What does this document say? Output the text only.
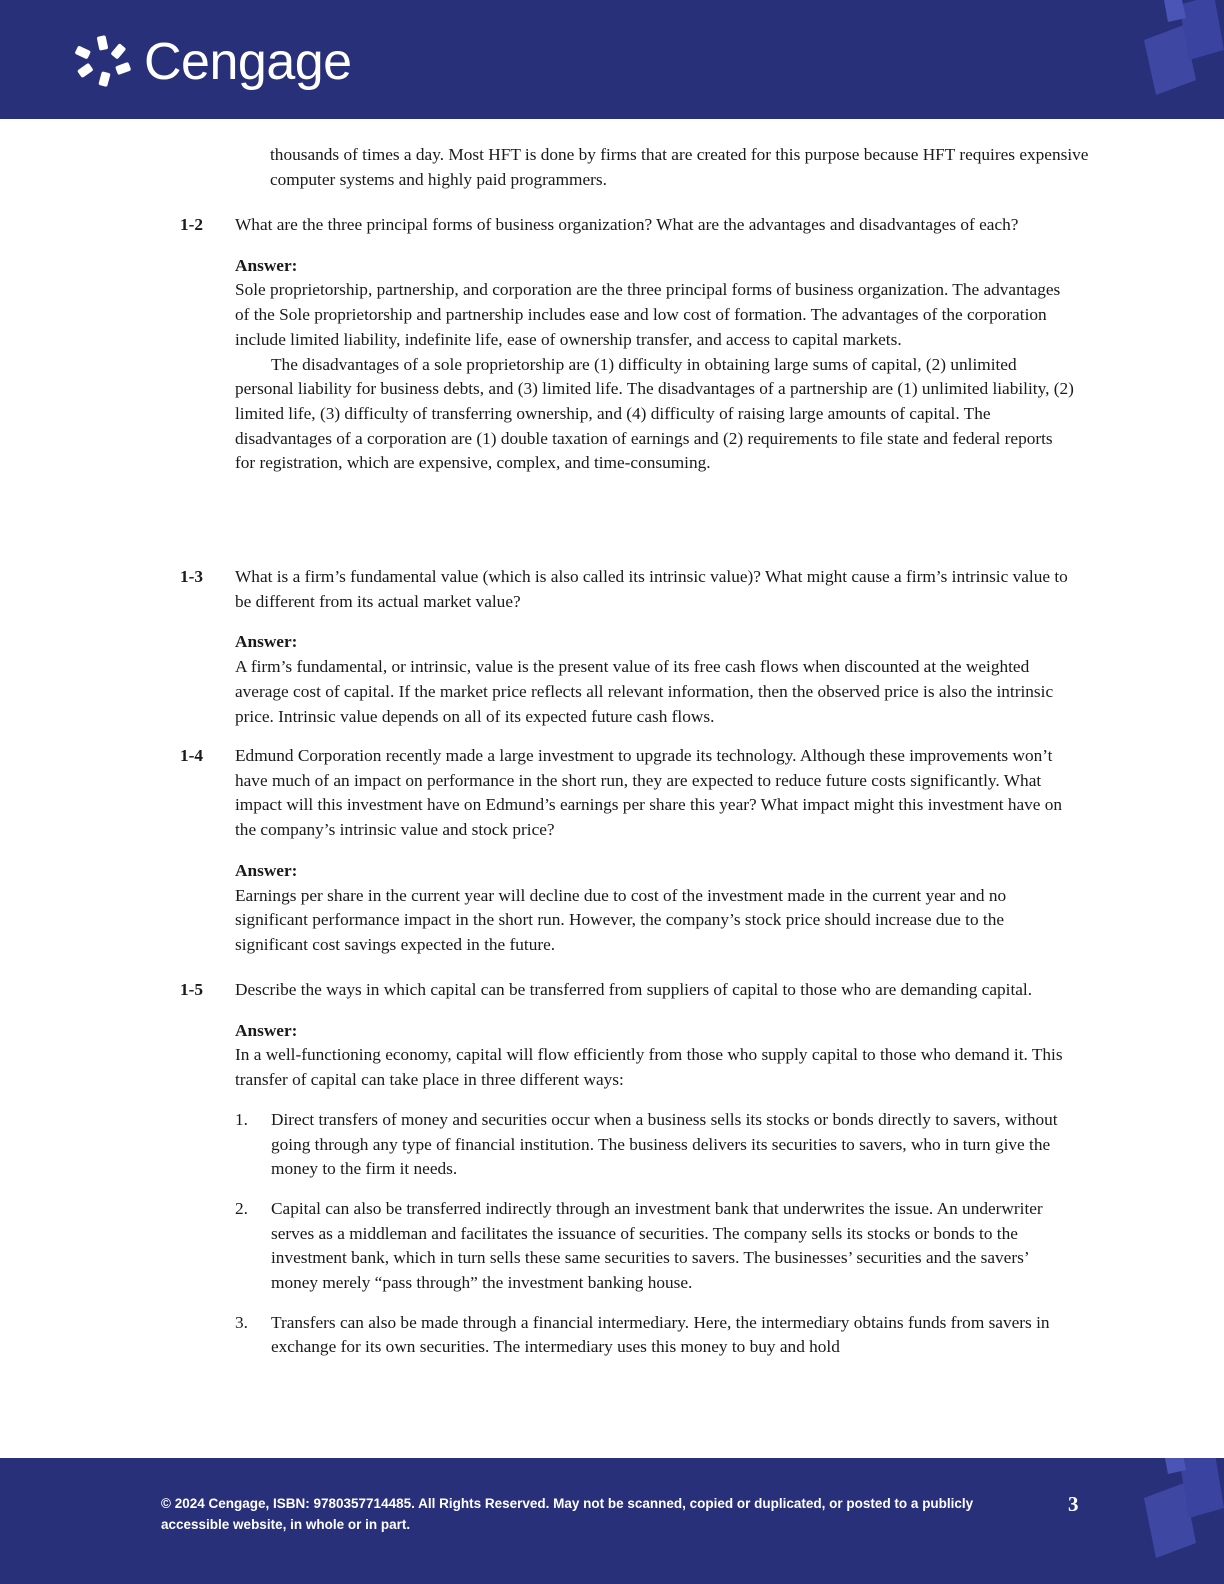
Cengage

thousands of times a day. Most HFT is done by firms that are created for this purpose because HFT requires expensive computer systems and highly paid programmers.

1-2 What are the three principal forms of business organization? What are the advantages and disadvantages of each?

Answer:

Sole proprietorship, partnership, and corporation are the three principal forms of business organization. The advantages of the Sole proprietorship and partnership includes ease and low cost of formation. The advantages of the corporation include limited liability, indefinite life, ease of ownership transfer, and access to capital markets.

The disadvantages of a sole proprietorship are (1) difficulty in obtaining large sums of capital, (2) unlimited personal liability for business debts, and (3) limited life. The disadvantages of a partnership are (1) unlimited liability, (2) limited life, (3) difficulty of transferring ownership, and (4) difficulty of raising large amounts of capital. The disadvantages of a corporation are (1) double taxation of earnings and (2) requirements to file state and federal reports for registration, which are expensive, complex, and time-consuming.

1-3 What is a firm’s fundamental value (which is also called its intrinsic value)? What might cause a firm’s intrinsic value to be different from its actual market value?

Answer:

A firm’s fundamental, or intrinsic, value is the present value of its free cash flows when discounted at the weighted average cost of capital. If the market price reflects all relevant information, then the observed price is also the intrinsic price. Intrinsic value depends on all of its expected future cash flows.

1-4 Edmund Corporation recently made a large investment to upgrade its technology. Although these improvements won’t have much of an impact on performance in the short run, they are expected to reduce future costs significantly. What impact will this investment have on Edmund’s earnings per share this year? What impact might this investment have on the company’s intrinsic value and stock price?

Answer:

Earnings per share in the current year will decline due to cost of the investment made in the current year and no significant performance impact in the short run. However, the company’s stock price should increase due to the significant cost savings expected in the future.

1-5 Describe the ways in which capital can be transferred from suppliers of capital to those who are demanding capital.

Answer:

In a well-functioning economy, capital will flow efficiently from those who supply capital to those who demand it. This transfer of capital can take place in three different ways:

1. Direct transfers of money and securities occur when a business sells its stocks or bonds directly to savers, without going through any type of financial institution. The business delivers its securities to savers, who in turn give the money to the firm it needs.

2. Capital can also be transferred indirectly through an investment bank that underwrites the issue. An underwriter serves as a middleman and facilitates the issuance of securities. The company sells its stocks or bonds to the investment bank, which in turn sells these same securities to savers. The businesses’ securities and the savers’ money merely “pass through” the investment banking house.

3. Transfers can also be made through a financial intermediary. Here, the intermediary obtains funds from savers in exchange for its own securities. The intermediary uses this money to buy and hold

© 2024 Cengage, ISBN: 9780357714485. All Rights Reserved. May not be scanned, copied or duplicated, or posted to a publicly accessible website, in whole or in part.
3
